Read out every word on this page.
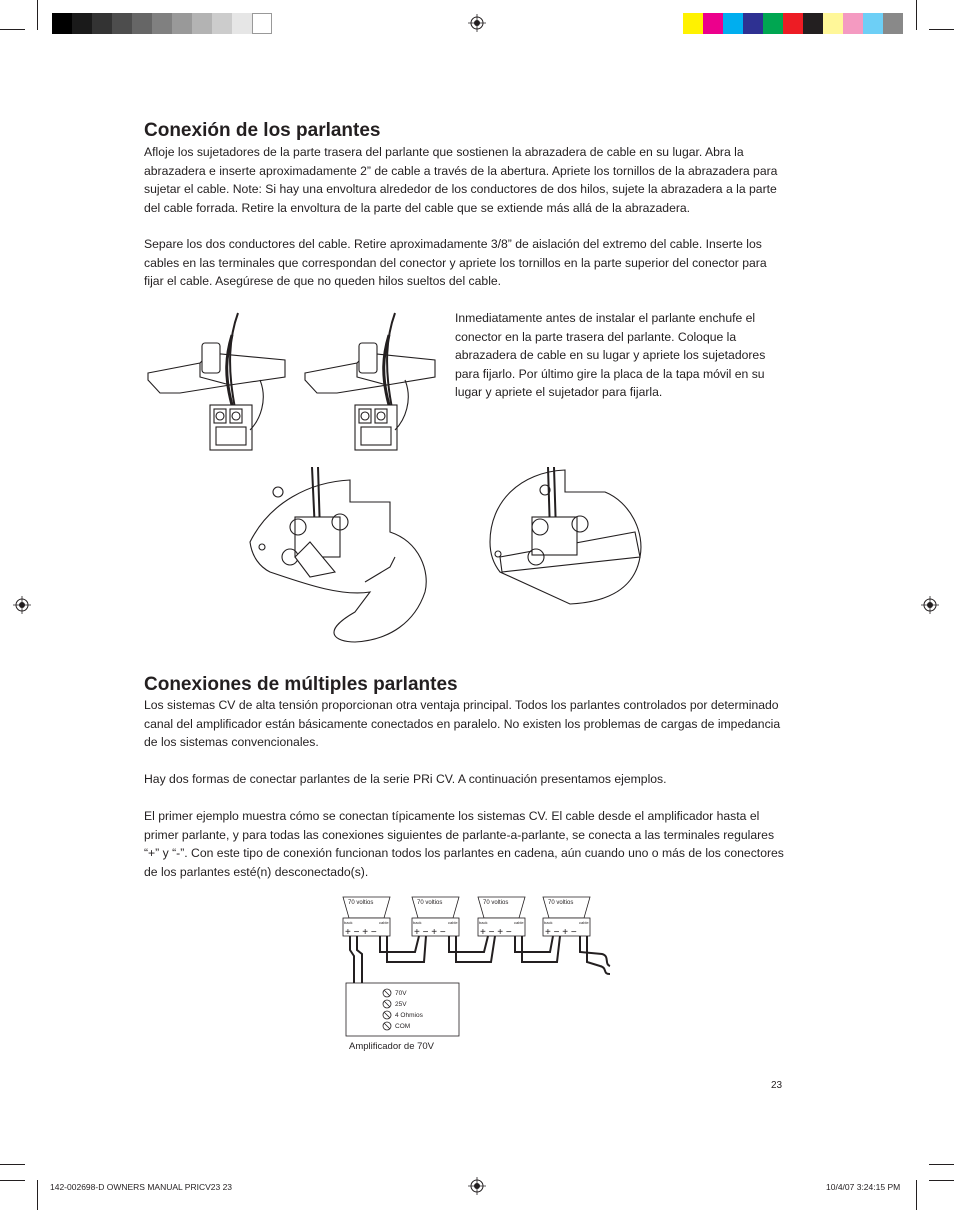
Conexión de los parlantes

Afloje los sujetadores de la parte trasera del parlante que sostienen la abrazadera de cable en su lugar. Abra la abrazadera e inserte aproximadamente 2” de cable a través de la abertura. Apriete los tornillos de la abrazadera para sujetar el cable. Note: Si hay una envoltura alrededor de los conductores de dos hilos, sujete la abrazadera a la parte del cable forrada. Retire la envoltura de la parte del cable que se extiende más allá de la abrazadera.

Separe los dos conductores del cable. Retire aproximadamente 3/8” de aislación del extremo del cable. Inserte los cables en las terminales que correspondan del conector y apriete los tornillos en la parte superior del conector para fijar el cable. Asegúrese de que no queden hilos sueltos del cable.

Inmediatamente antes de instalar el parlante enchufe el conector en la parte trasera del parlante. Coloque la abrazadera de cable en su lugar y apriete los sujetadores para fijarlo. Por último gire la placa de la tapa móvil en su lugar y apriete el sujetador para fijarla.

Conexiones de múltiples parlantes

Los sistemas CV de alta tensión proporcionan otra ventaja principal. Todos los parlantes controlados por determinado canal del amplificador están básicamente conectados en paralelo. No existen los problemas de cargas de impedancia de los sistemas convencionales.

Hay dos formas de conectar parlantes de la serie PRi CV. A continuación presentamos ejemplos.

El primer ejemplo muestra cómo se conectan típicamente los sistemas CV. El cable desde el amplificador hasta el primer parlante, y para todas las conexiones siguientes de parlante-a-parlante, se conecta a las terminales regulares “+” y “-”. Con este tipo de conexión funcionan todos los parlantes en cadena, aún cuando uno o más de los conectores de los parlantes esté(n) desconectado(s).

70 voltios
back	cable
+ − + −
70 voltios
back	cable
+ − + −
70 voltios
back	cable
+ − + −
70 voltios
back	cable
+ − + −
70V
25V
4 Ohmios
COM
Amplificador de 70V
23
142-002698-D OWNERS MANUAL PRICV23 23	10/4/07 3:24:15 PM
